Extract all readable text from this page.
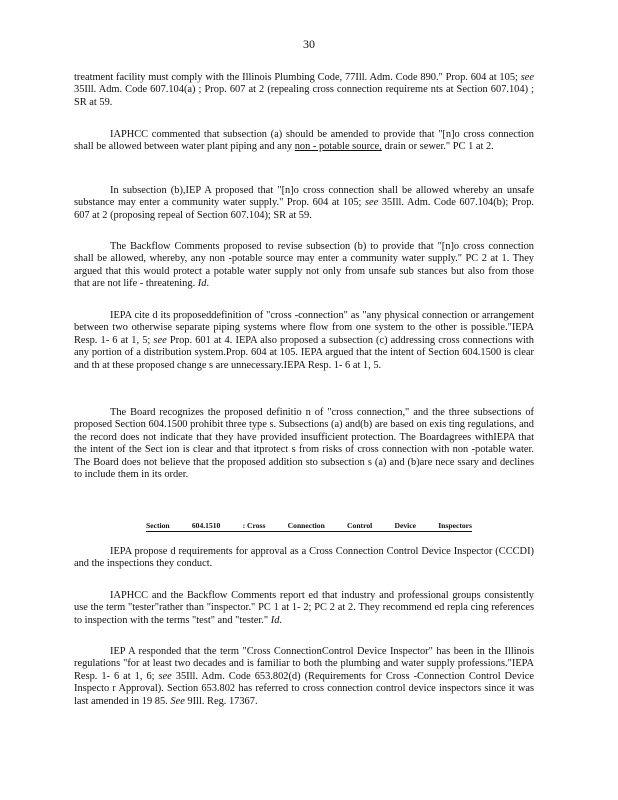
30

treatment facility must comply with the Illinois Plumbing Code, 77Ill. Adm. Code 890." Prop. 604 at 105; see 35Ill. Adm. Code 607.104(a) ; Prop. 607 at 2 (repealing cross connection requireme nts at Section 607.104) ; SR at 59.

IAPHCC commented that subsection (a) should be amended to provide that "[n]o cross connection shall be allowed between water plant piping and any non - potable source, drain or sewer." PC 1 at 2.

In subsection (b),IEP A proposed that "[n]o cross connection shall be allowed whereby an unsafe substance may enter a community water supply." Prop. 604 at 105; see 35Ill. Adm. Code 607.104(b); Prop. 607 at 2 (proposing repeal of Section 607.104); SR at 59.

The Backflow Comments proposed to revise subsection (b) to provide that "[n]o cross connection shall be allowed, whereby, any non -potable source may enter a community water supply." PC 2 at 1. They argued that this would protect a potable water supply not only from unsafe sub stances but also from those that are not life - threatening. Id.

IEPA cite d its proposeddefinition of "cross -connection" as "any physical connection or arrangement between two otherwise separate piping systems where flow from one system to the other is possible."IEPA Resp. 1- 6 at 1, 5; see Prop. 601 at 4. IEPA also proposed a subsection (c) addressing cross connections with any portion of a distribution system.Prop. 604 at 105. IEPA argued that the intent of Section 604.1500 is clear and th at these proposed change s are unnecessary.IEPA Resp. 1- 6 at 1, 5.

The Board recognizes the proposed definitio n of "cross connection," and the three subsections of proposed Section 604.1500 prohibit three type s. Subsections (a) and(b) are based on exis ting regulations, and the record does not indicate that they have provided insufficient protection. The Boardagrees withIEPA that the intent of the Sect ion is clear and that itprotect s from risks of cross connection with non -potable water. The Board does not believe that the proposed addition sto subsection s (a) and (b)are nece ssary and declines to include them in its order.

Section	604.1510	: Cross	Connection	Control	Device	Inspectors

IEPA propose d requirements for approval as a Cross Connection Control Device Inspector (CCCDI) and the inspections they conduct.

IAPHCC and the Backflow Comments report ed that industry and professional groups consistently use the term "tester"rather than "inspector." PC 1 at 1- 2; PC 2 at 2. They recommend ed repla cing references to inspection with the terms "test" and "tester." Id.

IEP A responded that the term "Cross ConnectionControl Device Inspector" has been in the Illinois regulations "for at least two decades and is familiar to both the plumbing and water supply professions."IEPA Resp. 1- 6 at 1, 6; see 35Ill. Adm. Code 653.802(d) (Requirements for Cross -Connection Control Device Inspecto r Approval). Section 653.802 has referred to cross connection control device inspectors since it was last amended in 19 85. See 9Ill. Reg. 17367.
